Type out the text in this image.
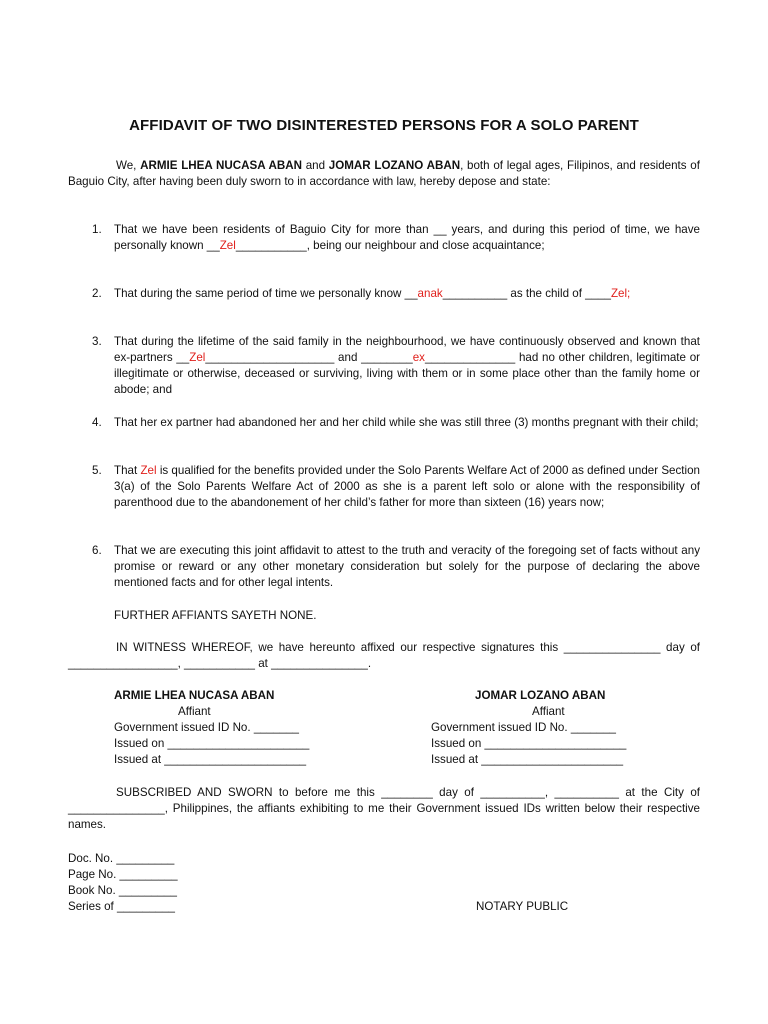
AFFIDAVIT OF TWO DISINTERESTED PERSONS FOR A SOLO PARENT
We, ARMIE LHEA NUCASA ABAN and JOMAR LOZANO ABAN, both of legal ages, Filipinos, and residents of Baguio City, after having been duly sworn to in accordance with law, hereby depose and state:
1.	That we have been residents of Baguio City for more than __ years, and during this period of time, we have personally known __Zel___________, being our neighbour and close acquaintance;
2.	That during the same period of time we personally know __anak__________ as the child of ____Zel;
3.	That during the lifetime of the said family in the neighbourhood, we have continuously observed and known that ex-partners __Zel____________________ and ________ex______________ had no other children, legitimate or illegitimate or otherwise, deceased or surviving, living with them or in some place other than the family home or abode; and
4.	That her ex partner had abandoned her and her child while she was still three (3) months pregnant with their child;
5.	That Zel is qualified for the benefits provided under the Solo Parents Welfare Act of 2000 as defined under Section 3(a) of the Solo Parents Welfare Act of 2000 as she is a parent left solo or alone with the responsibility of parenthood due to the abandonement of her child’s father for more than sixteen (16) years now;
6.	That we are executing this joint affidavit to attest to the truth and veracity of the foregoing set of facts without any promise or reward or any other monetary consideration but solely for the purpose of declaring the above mentioned facts and for other legal intents.
FURTHER AFFIANTS SAYETH NONE.
IN WITNESS WHEREOF, we have hereunto affixed our respective signatures this _______________ day of _________________, ___________ at _______________.
ARMIE LHEA NUCASA ABAN
Affiant
Government issued ID No. _______
Issued on ______________________
Issued at ______________________
JOMAR LOZANO ABAN
Affiant
Government issued ID No. _______
Issued on ______________________
Issued at ______________________
SUBSCRIBED AND SWORN to before me this ________ day of __________, __________ at the City of _______________, Philippines, the affiants exhibiting to me their Government issued IDs written below their respective names.
Doc. No. _________
Page No. _________
Book No. _________
Series of _________	NOTARY PUBLIC
